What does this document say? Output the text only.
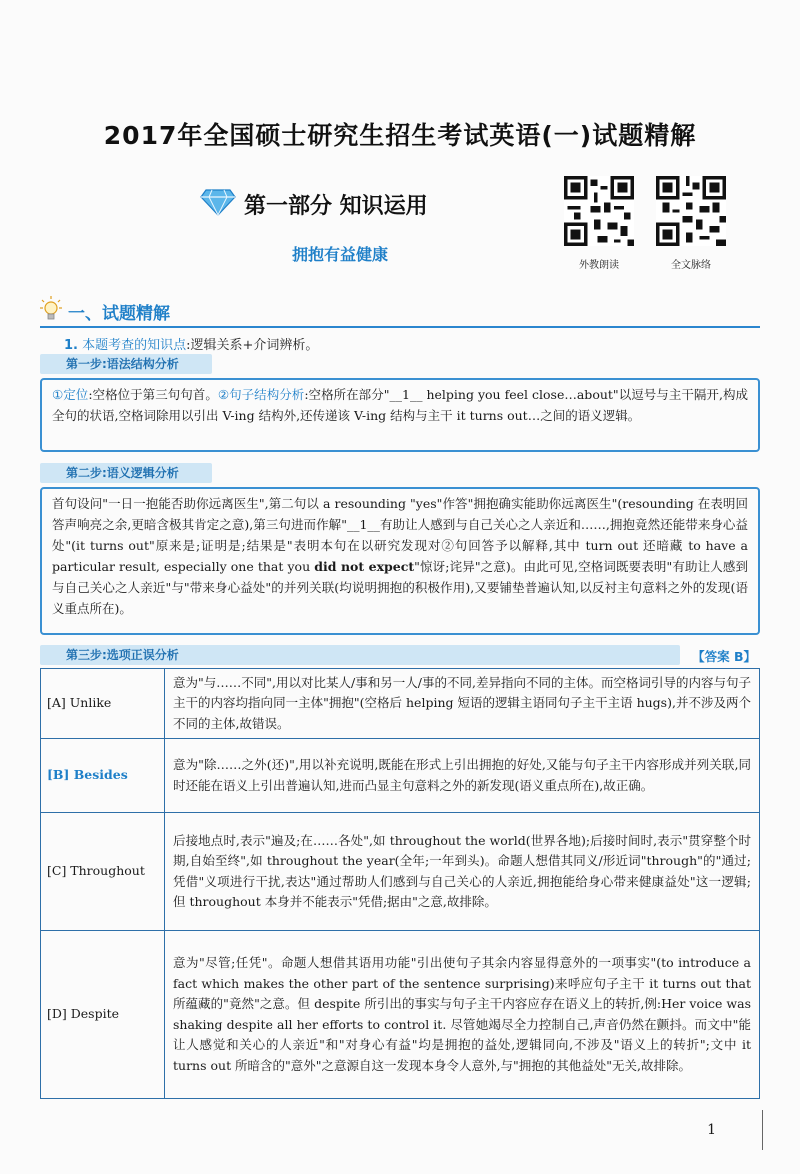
2017年全国硕士研究生招生考试英语(一)试题精解
第一部分 知识运用
拥抱有益健康
外教朗读	全文脉络
一、试题精解
1. 本题考查的知识点:逻辑关系+介词辨析。
第一步:语法结构分析
①定位:空格位于第三句句首。②句子结构分析:空格所在部分"__1__ helping you feel close…about"以逗号与主干隔开,构成全句的状语,空格词除用以引出 V-ing 结构外,还传递该 V-ing 结构与主干 it turns out…之间的语义逻辑。
第二步:语义逻辑分析
首句设问"一日一抱能否助你远离医生",第二句以 a resounding "yes"作答"拥抱确实能助你远离医生"(resounding 在表明回答声响亮之余,更暗含极其肯定之意),第三句进而作解"__1__有助让人感到与自己关心之人亲近和……,拥抱竟然还能带来身心益处"(it turns out"原来是;证明是;结果是"表明本句在以研究发现对②句回答予以解释,其中 turn out 还暗藏 to have a particular result, especially one that you did not expect"惊讶;诧异"之意)。由此可见,空格词既要表明"有助让人感到与自己关心之人亲近"与"带来身心益处"的并列关联(均说明拥抱的积极作用),又要铺垫普遍认知,以反衬主句意料之外的发现(语义重点所在)。
第三步:选项正误分析	【答案 B】
[A] Unlike	意为"与……不同",用以对比某人/事和另一人/事的不同,差异指向不同的主体。而空格词引导的内容与句子主干的内容均指向同一主体"拥抱"(空格后 helping 短语的逻辑主语同句子主干主语 hugs),并不涉及两个不同的主体,故错误。
[B] Besides	意为"除……之外(还)",用以补充说明,既能在形式上引出拥抱的好处,又能与句子主干内容形成并列关联,同时还能在语义上引出普遍认知,进而凸显主句意料之外的新发现(语义重点所在),故正确。
[C] Throughout	后接地点时,表示"遍及;在……各处",如 throughout the world(世界各地);后接时间时,表示"贯穿整个时期,自始至终",如 throughout the year(全年;一年到头)。命题人想借其同义/形近词"through"的"通过;凭借"义项进行干扰,表达"通过帮助人们感到与自己关心的人亲近,拥抱能给身心带来健康益处"这一逻辑;但 throughout 本身并不能表示"凭借;据由"之意,故排除。
[D] Despite	意为"尽管;任凭"。命题人想借其语用功能"引出使句子其余内容显得意外的一项事实"(to introduce a fact which makes the other part of the sentence surprising)来呼应句子主干 it turns out that 所蕴藏的"竟然"之意。但 despite 所引出的事实与句子主干内容应存在语义上的转折,例:Her voice was shaking despite all her efforts to control it. 尽管她竭尽全力控制自己,声音仍然在颤抖。而文中"能让人感觉和关心的人亲近"和"对身心有益"均是拥抱的益处,逻辑同向,不涉及"语义上的转折";文中 it turns out 所暗含的"意外"之意源自这一发现本身令人意外,与"拥抱的其他益处"无关,故排除。
1
